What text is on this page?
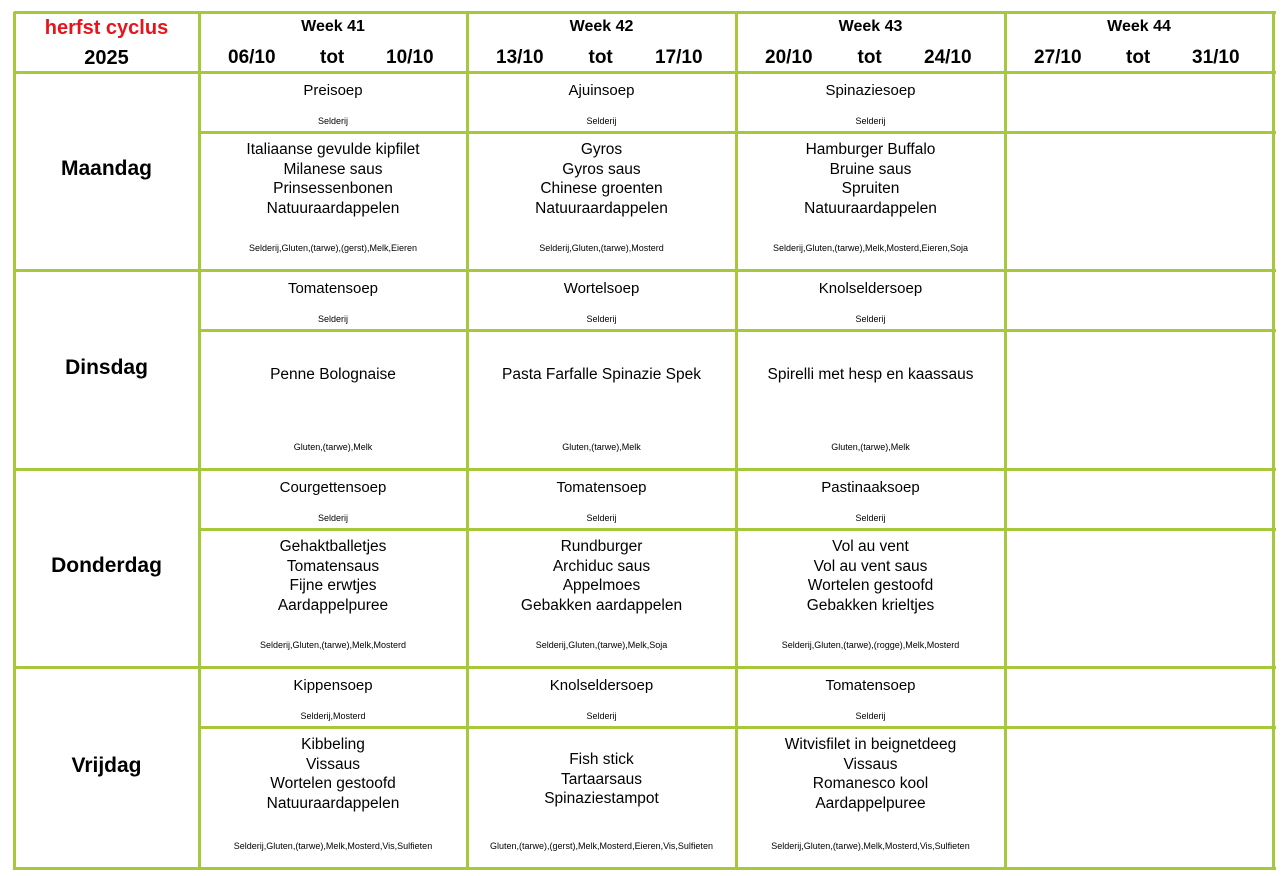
herfst cyclus
2025
Week 41
06/10 tot 10/10
Week 42
13/10 tot 17/10
Week 43
20/10 tot 24/10
Week 44
27/10 tot 31/10
Maandag
Preisoep
Selderij
Italiaanse gevulde kipfilet
Milanese saus
Prinsessenbonen
Natuuraardappelen
Selderij,Gluten,(tarwe),(gerst),Melk,Eieren
Ajuinsoep
Selderij
Gyros
Gyros saus
Chinese groenten
Natuuraardappelen
Selderij,Gluten,(tarwe),Mosterd
Spinaziesoep
Selderij
Hamburger Buffalo
Bruine saus
Spruiten
Natuuraardappelen
Selderij,Gluten,(tarwe),Melk,Mosterd,Eieren,Soja
Dinsdag
Tomatensoep
Selderij
Penne Bolognaise
Gluten,(tarwe),Melk
Wortelsoep
Selderij
Pasta Farfalle Spinazie Spek
Gluten,(tarwe),Melk
Knolseldersoep
Selderij
Spirelli met hesp en kaassaus
Gluten,(tarwe),Melk
Donderdag
Courgettensoep
Selderij
Gehaktballetjes
Tomatensaus
Fijne erwtjes
Aardappelpuree
Selderij,Gluten,(tarwe),Melk,Mosterd
Tomatensoep
Selderij
Rundburger
Archiduc saus
Appelmoes
Gebakken aardappelen
Selderij,Gluten,(tarwe),Melk,Soja
Pastinaaksoep
Selderij
Vol au vent
Vol au vent saus
Wortelen gestoofd
Gebakken krieltjes
Selderij,Gluten,(tarwe),(rogge),Melk,Mosterd
Vrijdag
Kippensoep
Selderij,Mosterd
Kibbeling
Vissaus
Wortelen gestoofd
Natuuraardappelen
Selderij,Gluten,(tarwe),Melk,Mosterd,Vis,Sulfieten
Knolseldersoep
Selderij
Fish stick
Tartaarsaus
Spinaziestampot
Gluten,(tarwe),(gerst),Melk,Mosterd,Eieren,Vis,Sulfieten
Tomatensoep
Selderij
Witvisfilet in beignetdeeg
Vissaus
Romanesco kool
Aardappelpuree
Selderij,Gluten,(tarwe),Melk,Mosterd,Vis,Sulfieten
